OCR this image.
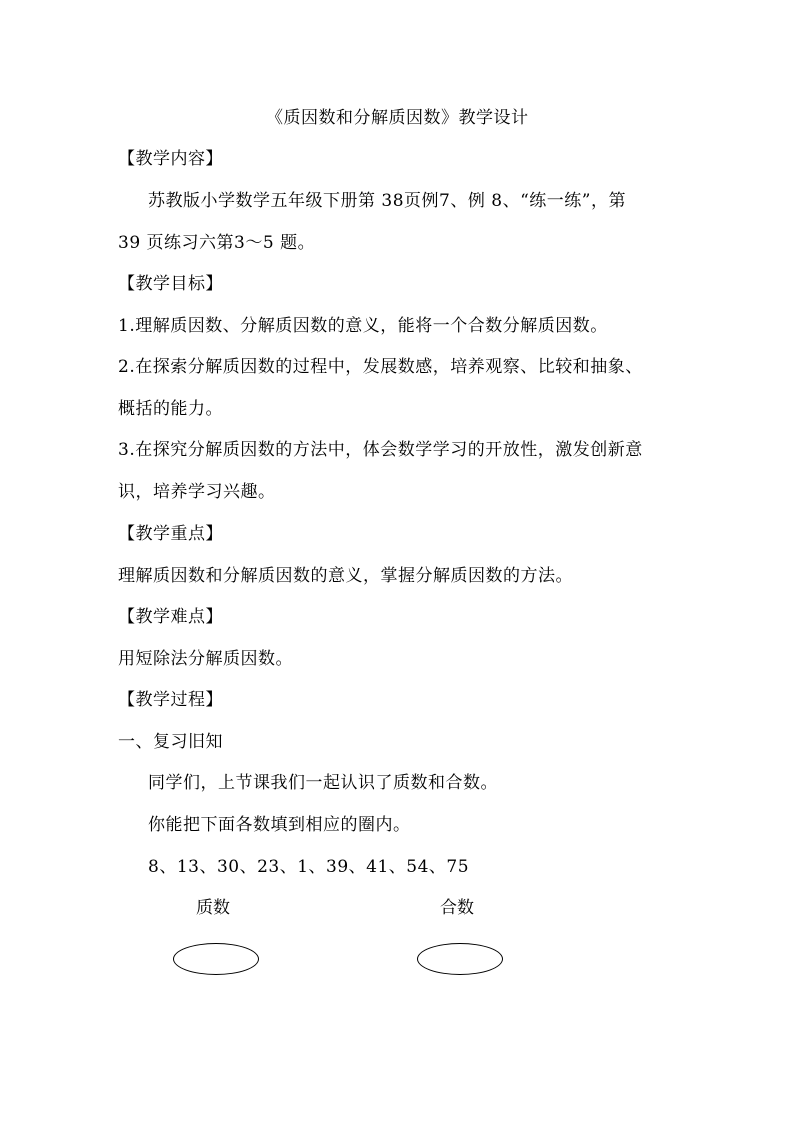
《质因数和分解质因数》教学设计
【教学内容】
苏教版小学数学五年级下册第 38页例7、例 8、“练一练”，第
39 页练习六第3～5 题。
【教学目标】
1.理解质因数、分解质因数的意义，能将一个合数分解质因数。
2.在探索分解质因数的过程中，发展数感，培养观察、比较和抽象、
概括的能力。
3.在探究分解质因数的方法中，体会数学学习的开放性，激发创新意
识，培养学习兴趣。
【教学重点】
理解质因数和分解质因数的意义，掌握分解质因数的方法。
【教学难点】
用短除法分解质因数。
【教学过程】
一、复习旧知
同学们，上节课我们一起认识了质数和合数。
你能把下面各数填到相应的圈内。
8、13、30、23、1、39、41、54、75
质数	合数
